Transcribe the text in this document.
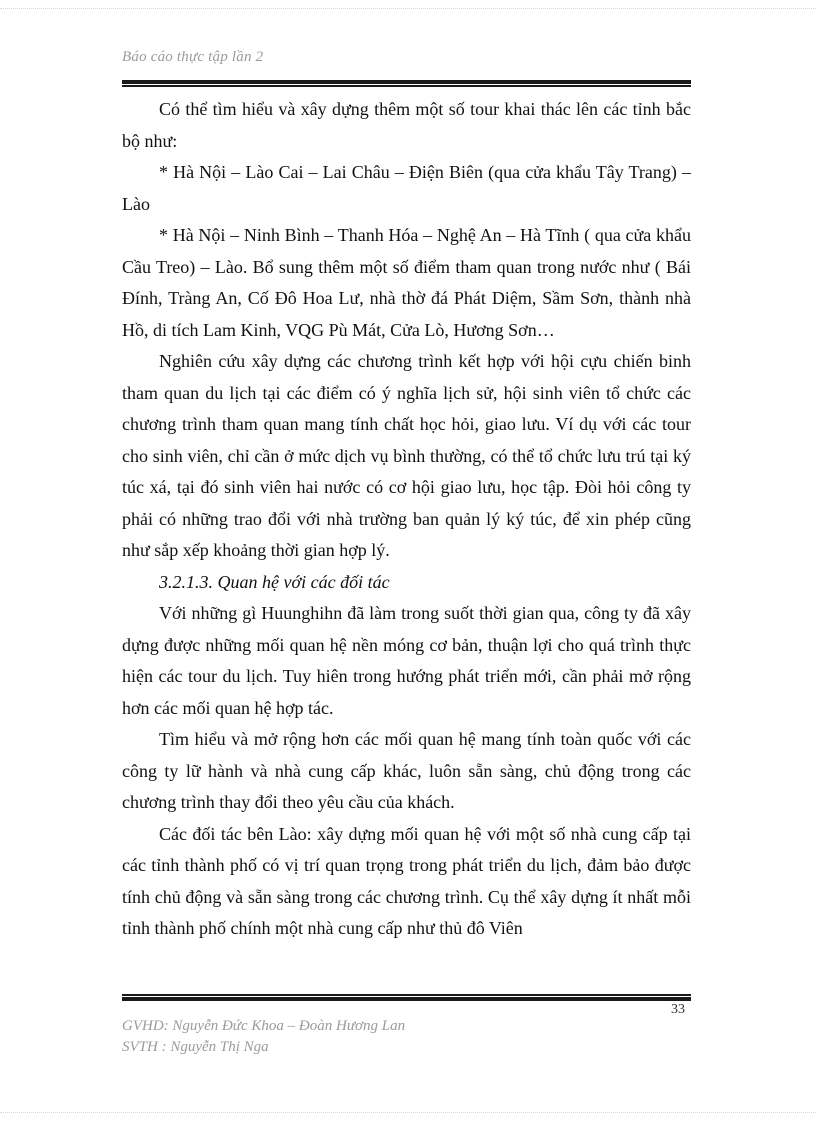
Báo cáo thực tập lần 2

Có thể tìm hiểu và xây dựng thêm một số tour khai thác lên các tỉnh bắc bộ như:

* Hà Nội – Lào Cai – Lai Châu – Điện Biên (qua cửa khẩu Tây Trang) – Lào

* Hà Nội – Ninh Bình – Thanh Hóa – Nghệ An – Hà Tĩnh ( qua cửa khẩu Cầu Treo) – Lào. Bổ sung thêm một số điểm tham quan trong nước như ( Bái Đính, Tràng An, Cố Đô Hoa Lư, nhà thờ đá Phát Diệm, Sầm Sơn, thành nhà Hồ, di tích Lam Kinh, VQG Pù Mát, Cửa Lò, Hương Sơn…

Nghiên cứu xây dựng các chương trình kết hợp với hội cựu chiến binh tham quan du lịch tại các điểm có ý nghĩa lịch sử, hội sinh viên tổ chức các chương trình tham quan mang tính chất học hỏi, giao lưu. Ví dụ với các tour cho sinh viên, chỉ cần ở mức dịch vụ bình thường, có thể tổ chức lưu trú tại ký túc xá, tại đó sinh viên hai nước có cơ hội giao lưu, học tập. Đòi hỏi công ty phải có những trao đổi với nhà trường ban quản lý ký túc, để xin phép cũng như sắp xếp khoảng thời gian hợp lý.

3.2.1.3. Quan hệ với các đối tác

Với những gì Huunghihn đã làm trong suốt thời gian qua, công ty đã xây dựng được những mối quan hệ nền móng cơ bản, thuận lợi cho quá trình thực hiện các tour du lịch. Tuy hiên trong hướng phát triển mới, cần phải mở rộng hơn các mối quan hệ hợp tác.

Tìm hiểu và mở rộng hơn các mối quan hệ mang tính toàn quốc với các công ty lữ hành và nhà cung cấp khác, luôn sẵn sàng, chủ động trong các chương trình thay đổi theo yêu cầu của khách.

Các đối tác bên Lào: xây dựng mối quan hệ với một số nhà cung cấp tại các tỉnh thành phố có vị trí quan trọng trong phát triển du lịch, đảm bảo được tính chủ động và sẵn sàng trong các chương trình. Cụ thể xây dựng ít nhất mỗi tỉnh thành phố chính một nhà cung cấp như thủ đô Viên

33
GVHD: Nguyễn Đức Khoa – Đoàn Hương Lan
SVTH : Nguyễn Thị Nga
